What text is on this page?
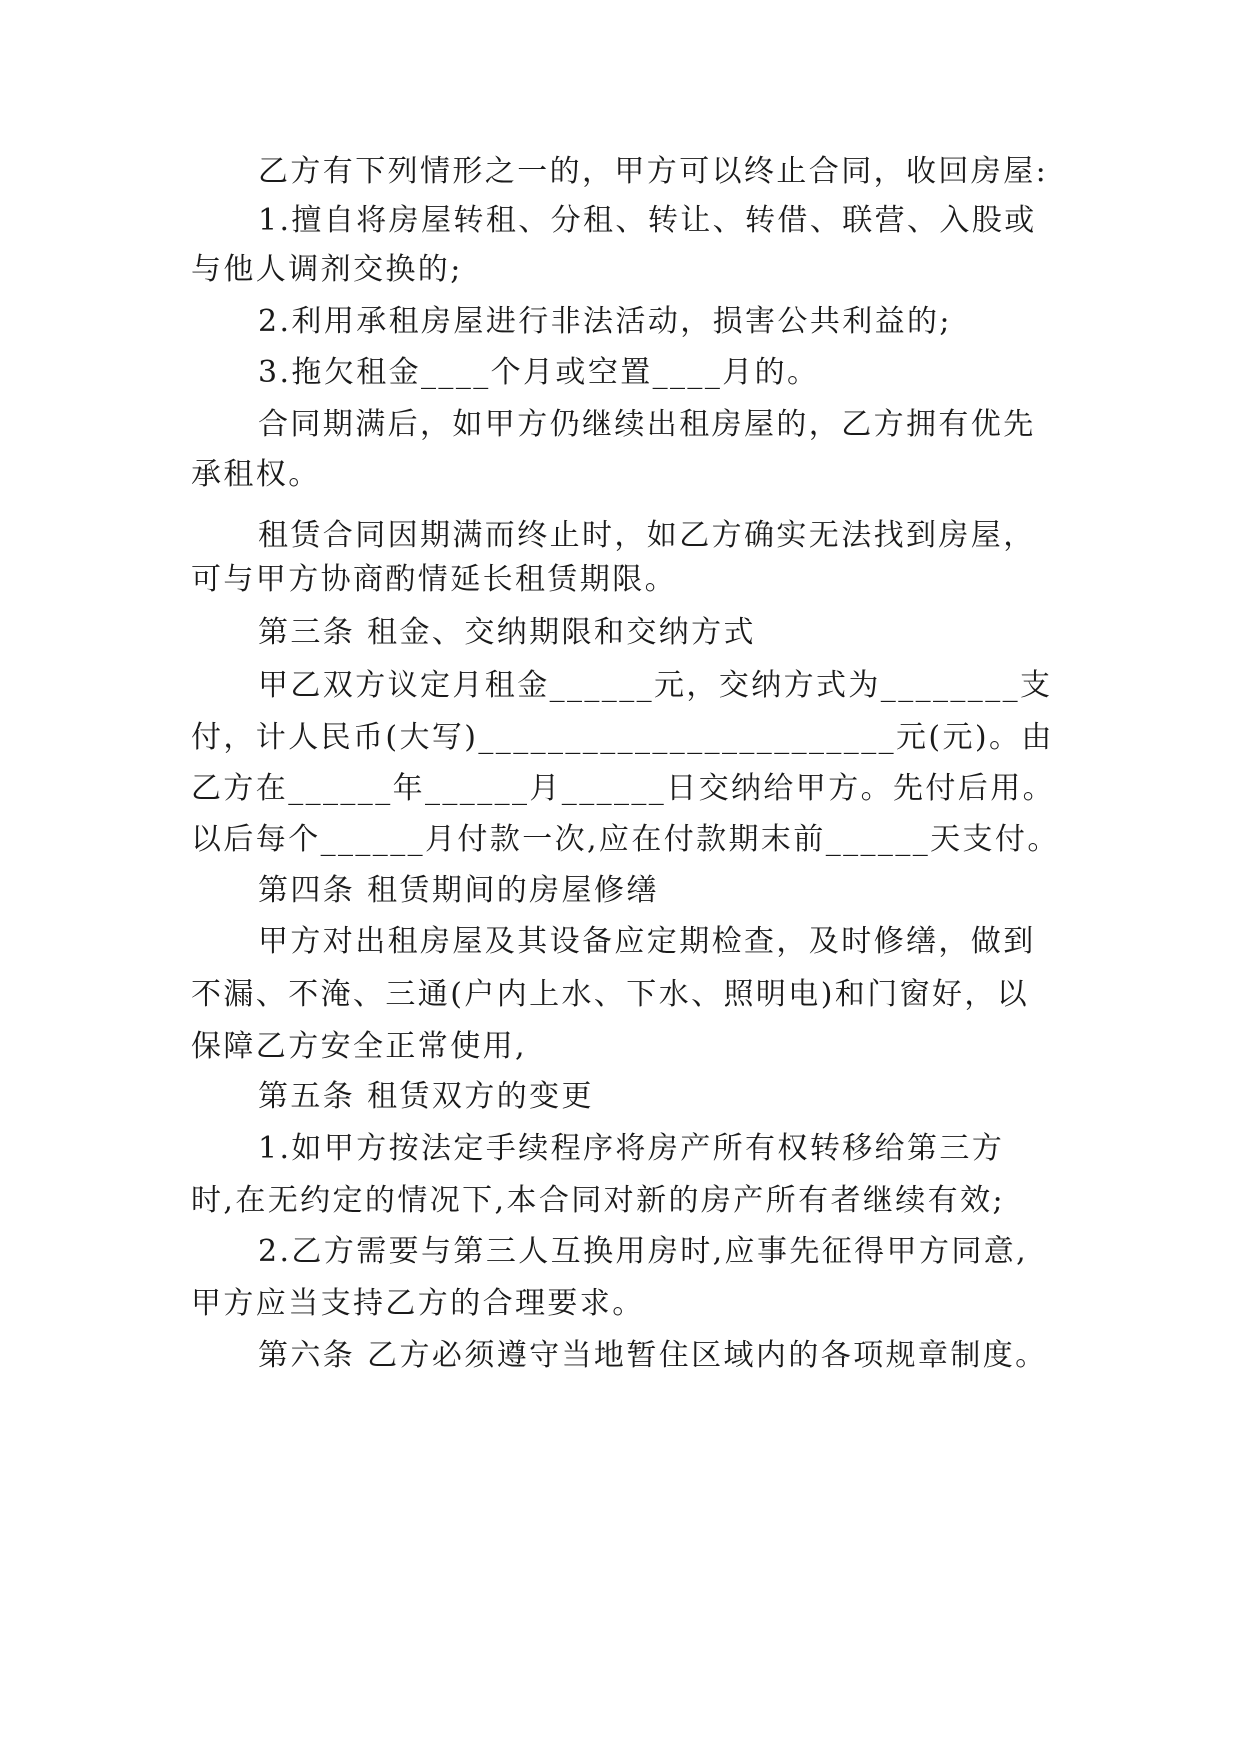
乙方有下列情形之一的，甲方可以终止合同，收回房屋:
1.擅自将房屋转租、分租、转让、转借、联营、入股或
与他人调剂交换的;
2.利用承租房屋进行非法活动，损害公共利益的;
3.拖欠租金____个月或空置____月的。
合同期满后，如甲方仍继续出租房屋的，乙方拥有优先
承租权。
租赁合同因期满而终止时，如乙方确实无法找到房屋，
可与甲方协商酌情延长租赁期限。
第三条 租金、交纳期限和交纳方式
甲乙双方议定月租金______元，交纳方式为________支
付，计人民币(大写)________________________元(元)。由
乙方在______年______月______日交纳给甲方。先付后用。
以后每个______月付款一次,应在付款期末前______天支付。
第四条 租赁期间的房屋修缮
甲方对出租房屋及其设备应定期检查，及时修缮，做到
不漏、不淹、三通(户内上水、下水、照明电)和门窗好，以
保障乙方安全正常使用,
第五条 租赁双方的变更
1.如甲方按法定手续程序将房产所有权转移给第三方
时,在无约定的情况下,本合同对新的房产所有者继续有效;
2.乙方需要与第三人互换用房时,应事先征得甲方同意,
甲方应当支持乙方的合理要求。
第六条 乙方必须遵守当地暂住区域内的各项规章制度。
